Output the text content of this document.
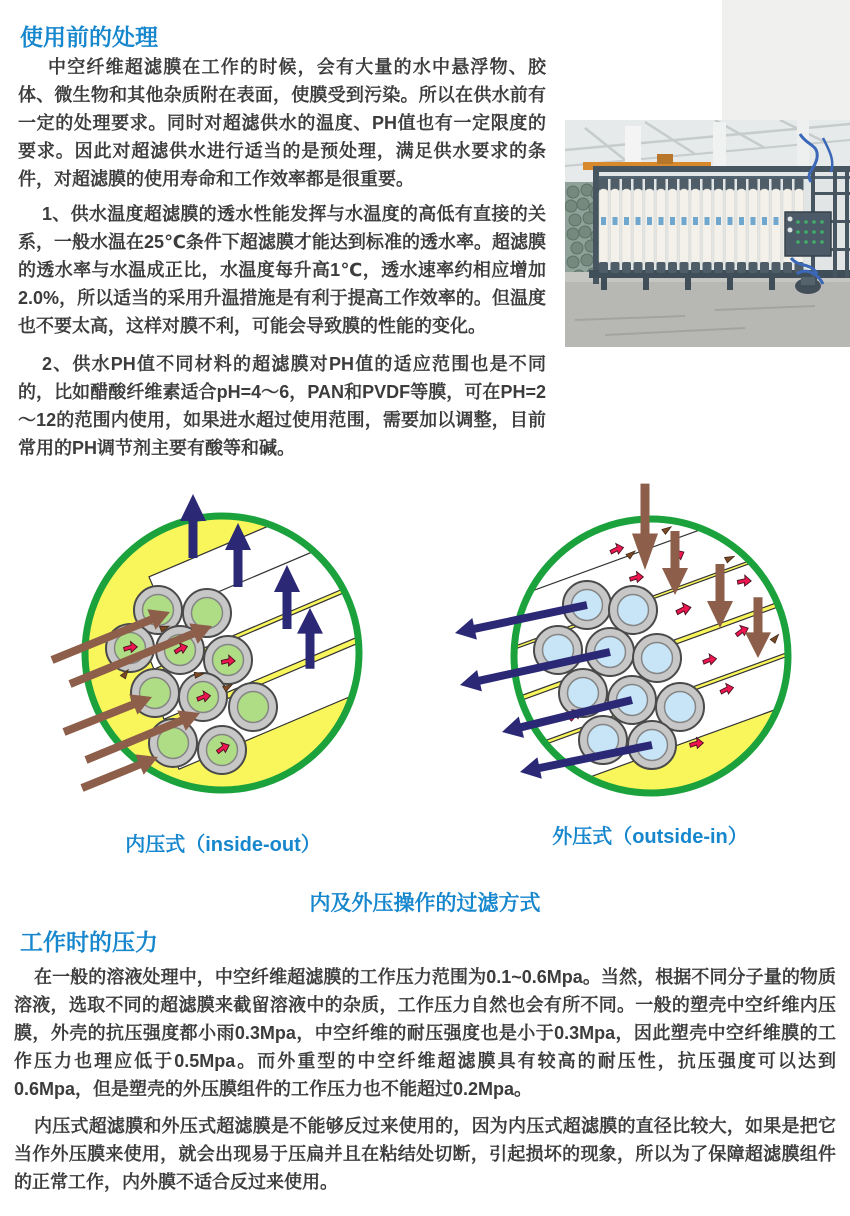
使用前的处理

中空纤维超滤膜在工作的时候，会有大量的水中悬浮物、胶体、微生物和其他杂质附在表面，使膜受到污染。所以在供水前有一定的处理要求。同时对超滤供水的温度、PH值也有一定限度的要求。因此对超滤供水进行适当的是预处理，满足供水要求的条件，对超滤膜的使用寿命和工作效率都是很重要。

1、供水温度超滤膜的透水性能发挥与水温度的高低有直接的关系，一般水温在25℃条件下超滤膜才能达到标准的透水率。超滤膜的透水率与水温成正比，水温度每升高1℃，透水速率约相应增加2.0%，所以适当的采用升温措施是有利于提高工作效率的。但温度也不要太高，这样对膜不利，可能会导致膜的性能的变化。

2、供水PH值不同材料的超滤膜对PH值的适应范围也是不同的，比如醋酸纤维素适合pH=4～6，PAN和PVDF等膜，可在PH=2～12的范围内使用，如果进水超过使用范围，需要加以调整，目前常用的PH调节剂主要有酸等和碱。

内压式（inside-out）	外压式（outside-in）
内及外压操作的过滤方式
工作时的压力

在一般的溶液处理中，中空纤维超滤膜的工作压力范围为0.1~0.6Mpa。当然，根据不同分子量的物质溶液，选取不同的超滤膜来截留溶液中的杂质，工作压力自然也会有所不同。一般的塑壳中空纤维内压膜，外壳的抗压强度都小雨0.3Mpa，中空纤维的耐压强度也是小于0.3Mpa，因此塑壳中空纤维膜的工作压力也理应低于0.5Mpa。而外重型的中空纤维超滤膜具有较高的耐压性，抗压强度可以达到0.6Mpa，但是塑壳的外压膜组件的工作压力也不能超过0.2Mpa。

内压式超滤膜和外压式超滤膜是不能够反过来使用的，因为内压式超滤膜的直径比较大，如果是把它当作外压膜来使用，就会出现易于压扁并且在粘结处切断，引起损坏的现象，所以为了保障超滤膜组件的正常工作，内外膜不适合反过来使用。
